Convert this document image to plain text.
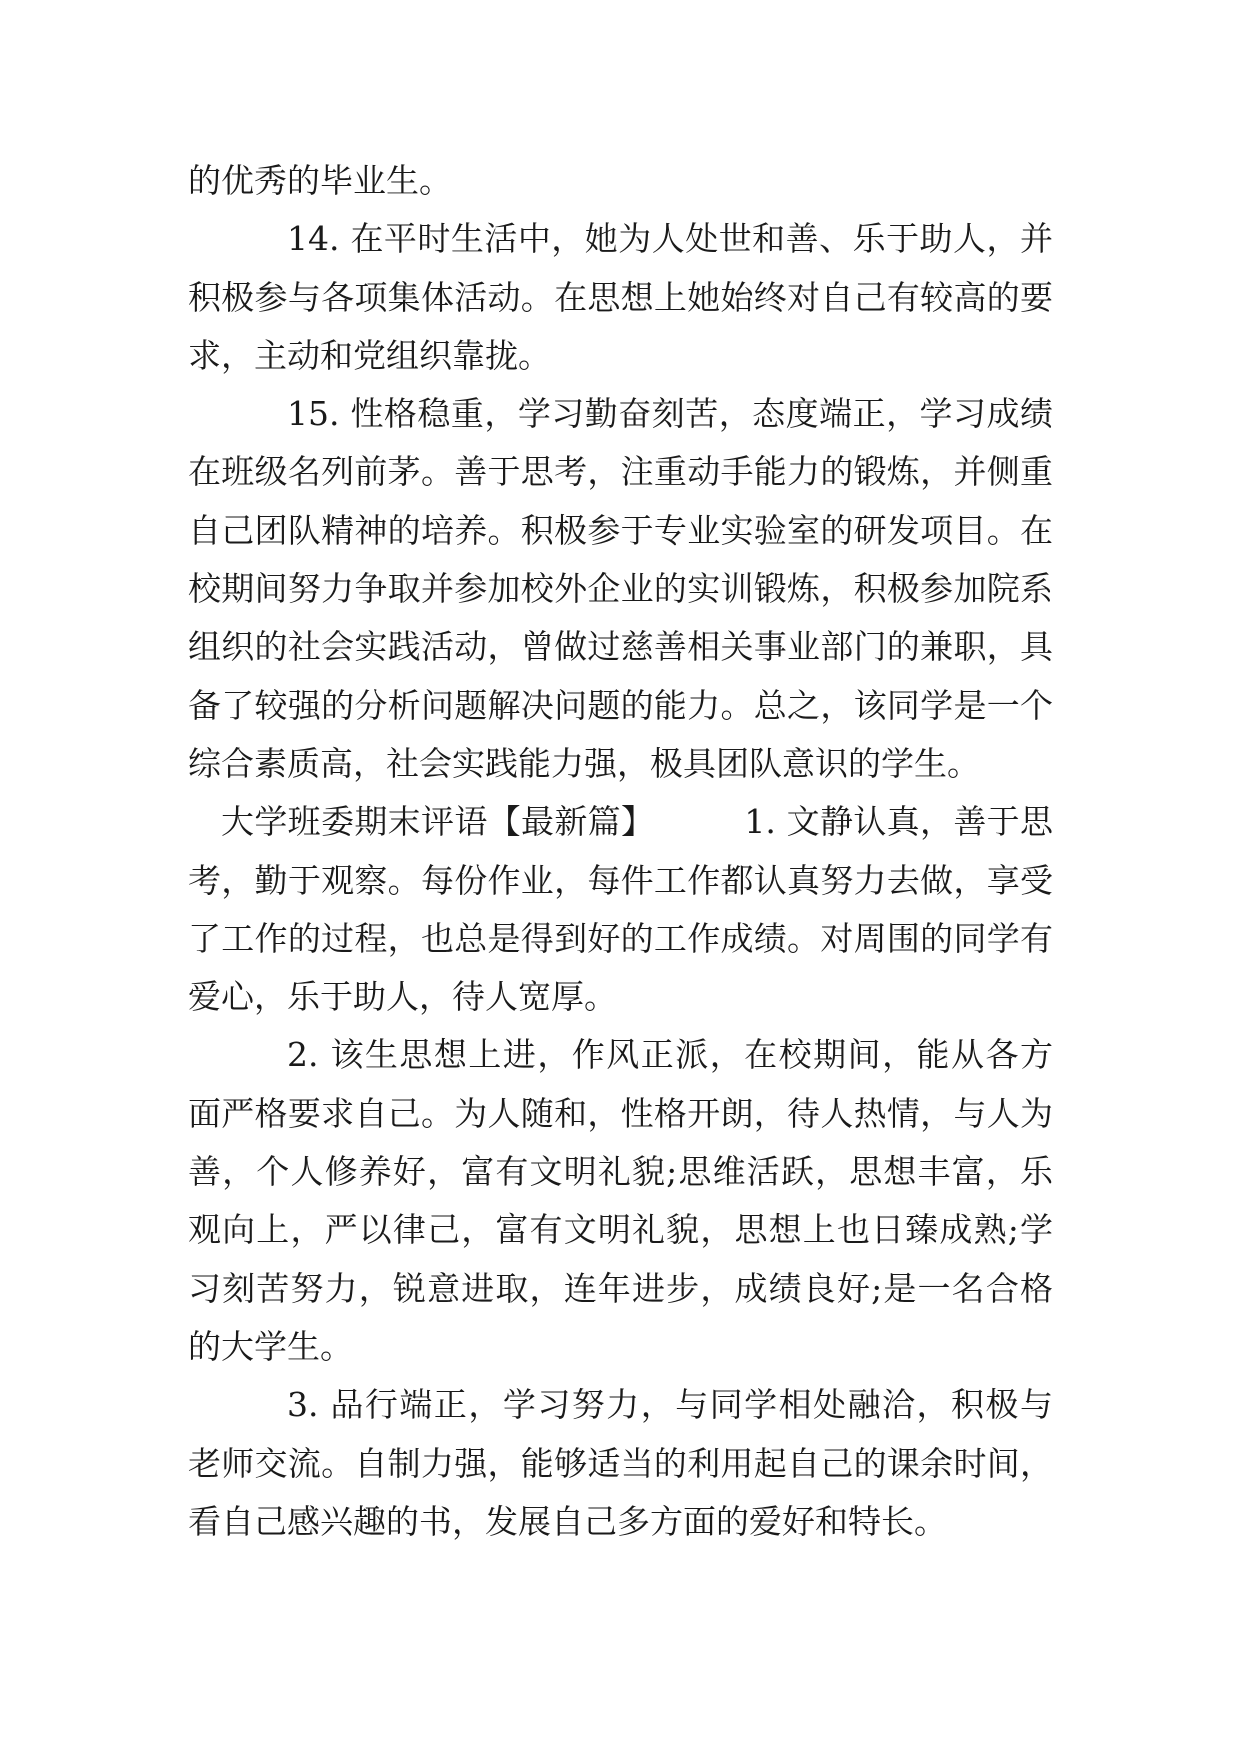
的优秀的毕业生。

14. 在平时生活中，她为人处世和善、乐于助人，并积极参与各项集体活动。在思想上她始终对自己有较高的要求，主动和党组织靠拢。

15. 性格稳重，学习勤奋刻苦，态度端正，学习成绩在班级名列前茅。善于思考，注重动手能力的锻炼，并侧重自己团队精神的培养。积极参于专业实验室的研发项目。在校期间努力争取并参加校外企业的实训锻炼，积极参加院系组织的社会实践活动，曾做过慈善相关事业部门的兼职，具备了较强的分析问题解决问题的能力。总之，该同学是一个综合素质高，社会实践能力强，极具团队意识的学生。

大学班委期末评语【最新篇】	1. 文静认真，善于思考，勤于观察。每份作业，每件工作都认真努力去做，享受了工作的过程，也总是得到好的工作成绩。对周围的同学有爱心，乐于助人，待人宽厚。

2. 该生思想上进，作风正派，在校期间，能从各方面严格要求自己。为人随和，性格开朗，待人热情，与人为善，个人修养好，富有文明礼貌;思维活跃，思想丰富，乐观向上，严以律己，富有文明礼貌，思想上也日臻成熟;学习刻苦努力，锐意进取，连年进步，成绩良好;是一名合格的大学生。

3. 品行端正，学习努力，与同学相处融洽，积极与老师交流。自制力强，能够适当的利用起自己的课余时间，看自己感兴趣的书，发展自己多方面的爱好和特长。
